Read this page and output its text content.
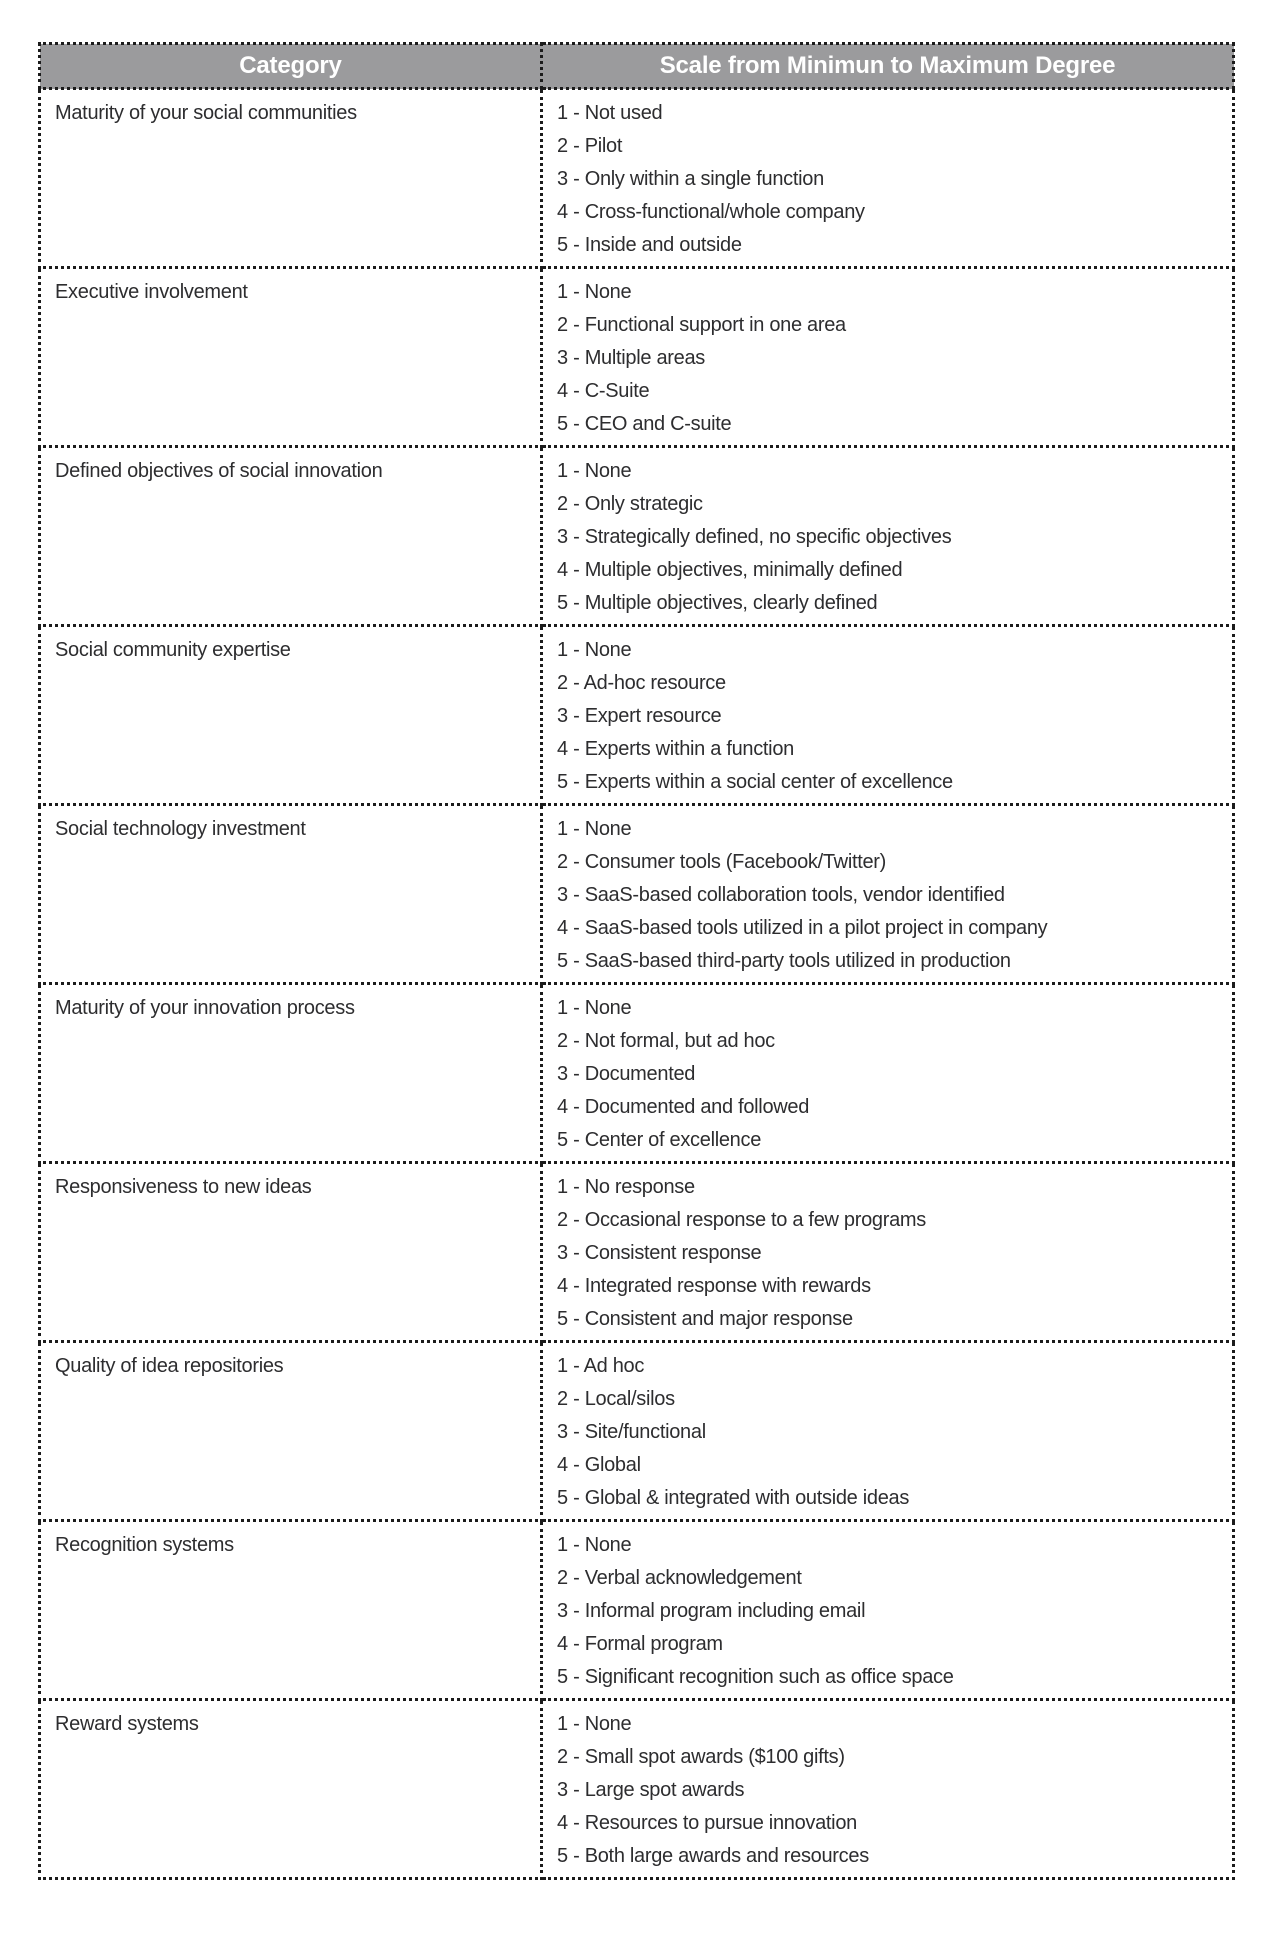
Category	Scale from Minimun to Maximum Degree

Maturity of your social communities	1 - Not used
2 - Pilot
3 - Only within a single function
4 - Cross-functional/whole company
5 - Inside and outside

Executive involvement	1 - None
2 - Functional support in one area
3 - Multiple areas
4 - C-Suite
5 - CEO and C-suite

Defined objectives of social innovation	1 - None
2 - Only strategic
3 - Strategically defined, no specific objectives
4 - Multiple objectives, minimally defined
5 - Multiple objectives, clearly defined

Social community expertise	1 - None
2 - Ad-hoc resource
3 - Expert resource
4 - Experts within a function
5 - Experts within a social center of excellence

Social technology investment	1 - None
2 - Consumer tools (Facebook/Twitter)
3 - SaaS-based collaboration tools, vendor identified
4 - SaaS-based tools utilized in a pilot project in company
5 - SaaS-based third-party tools utilized in production

Maturity of your innovation process	1 - None
2 - Not formal, but ad hoc
3 - Documented
4 - Documented and followed
5 - Center of excellence

Responsiveness to new ideas	1 - No response
2 - Occasional response to a few programs
3 - Consistent response
4 - Integrated response with rewards
5 - Consistent and major response

Quality of idea repositories	1 - Ad hoc
2 - Local/silos
3 - Site/functional
4 - Global
5 - Global & integrated with outside ideas

Recognition systems	1 - None
2 - Verbal acknowledgement
3 - Informal program including email
4 - Formal program
5 - Significant recognition such as office space

Reward systems	1 - None
2 - Small spot awards ($100 gifts)
3 - Large spot awards
4 - Resources to pursue innovation
5 - Both large awards and resources
